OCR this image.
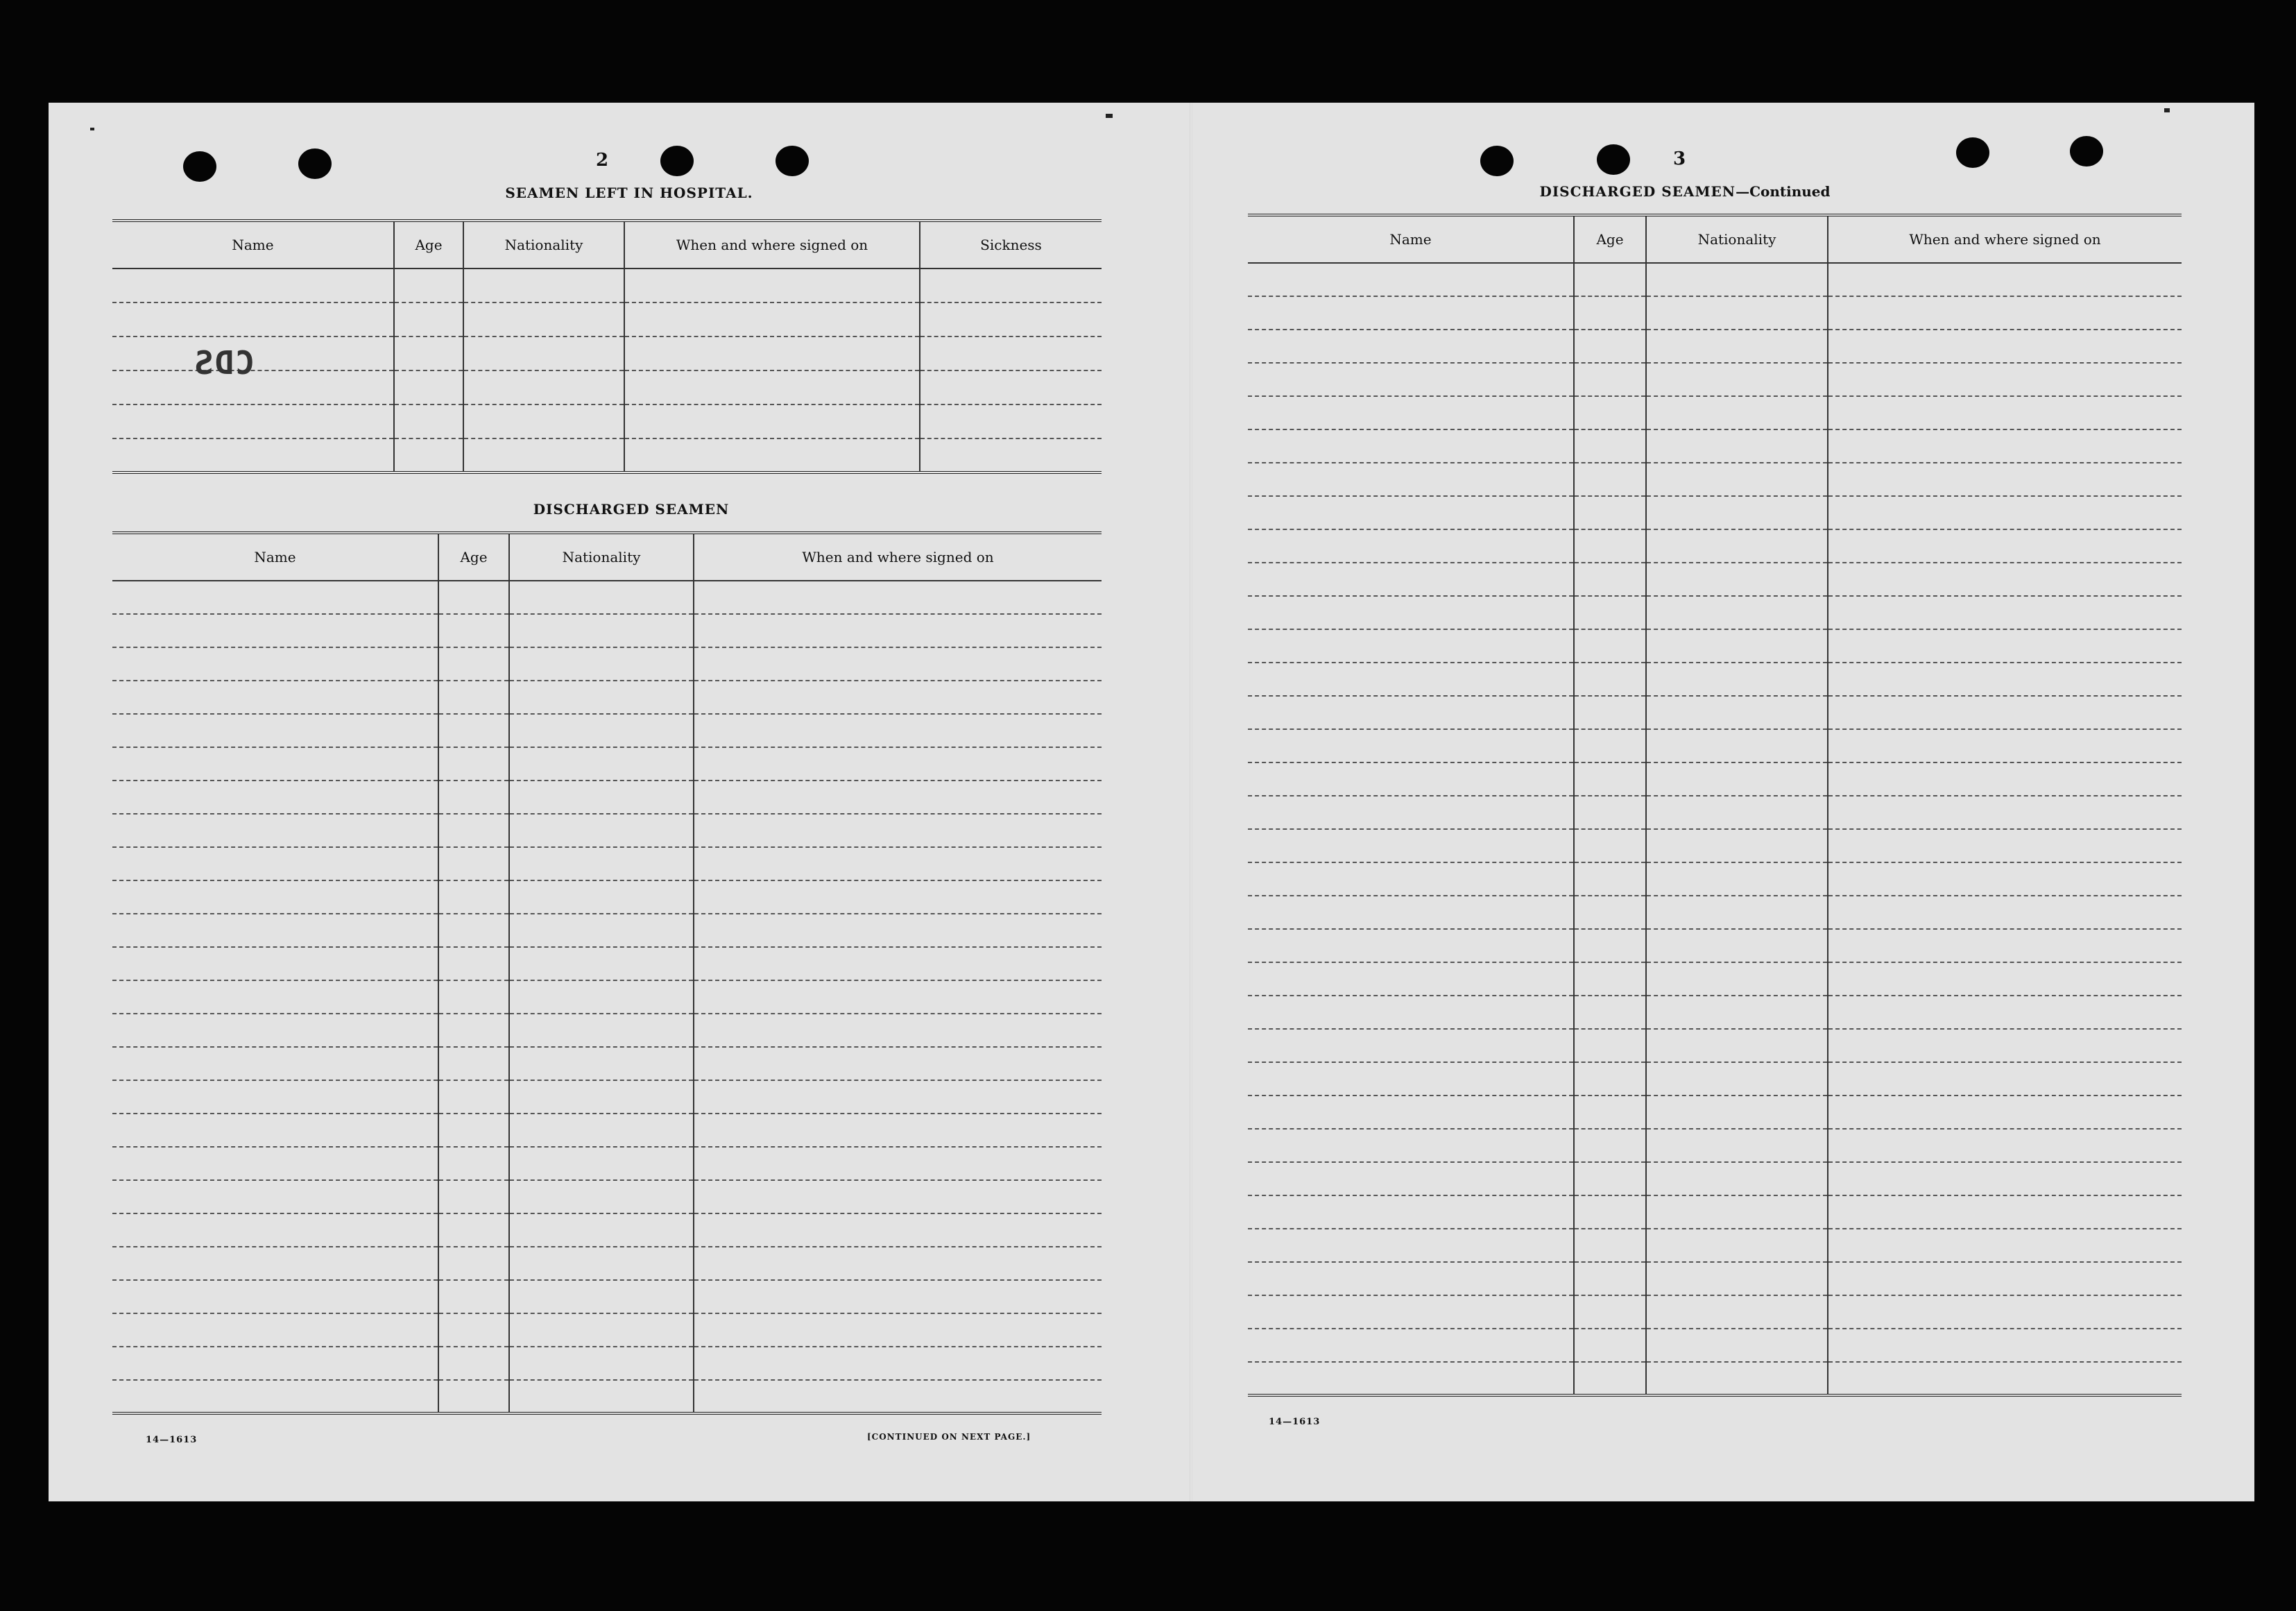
2
SEAMEN LEFT IN HOSPITAL.
Name	Age	Nationality	When and where signed on	Sickness

CDS
DISCHARGED SEAMEN
Name	Age	Nationality	When and where signed on

14—1613	[CONTINUED ON NEXT PAGE.]
3
DISCHARGED SEAMEN—Continued
Name	Age	Nationality	When and where signed on

14—1613
